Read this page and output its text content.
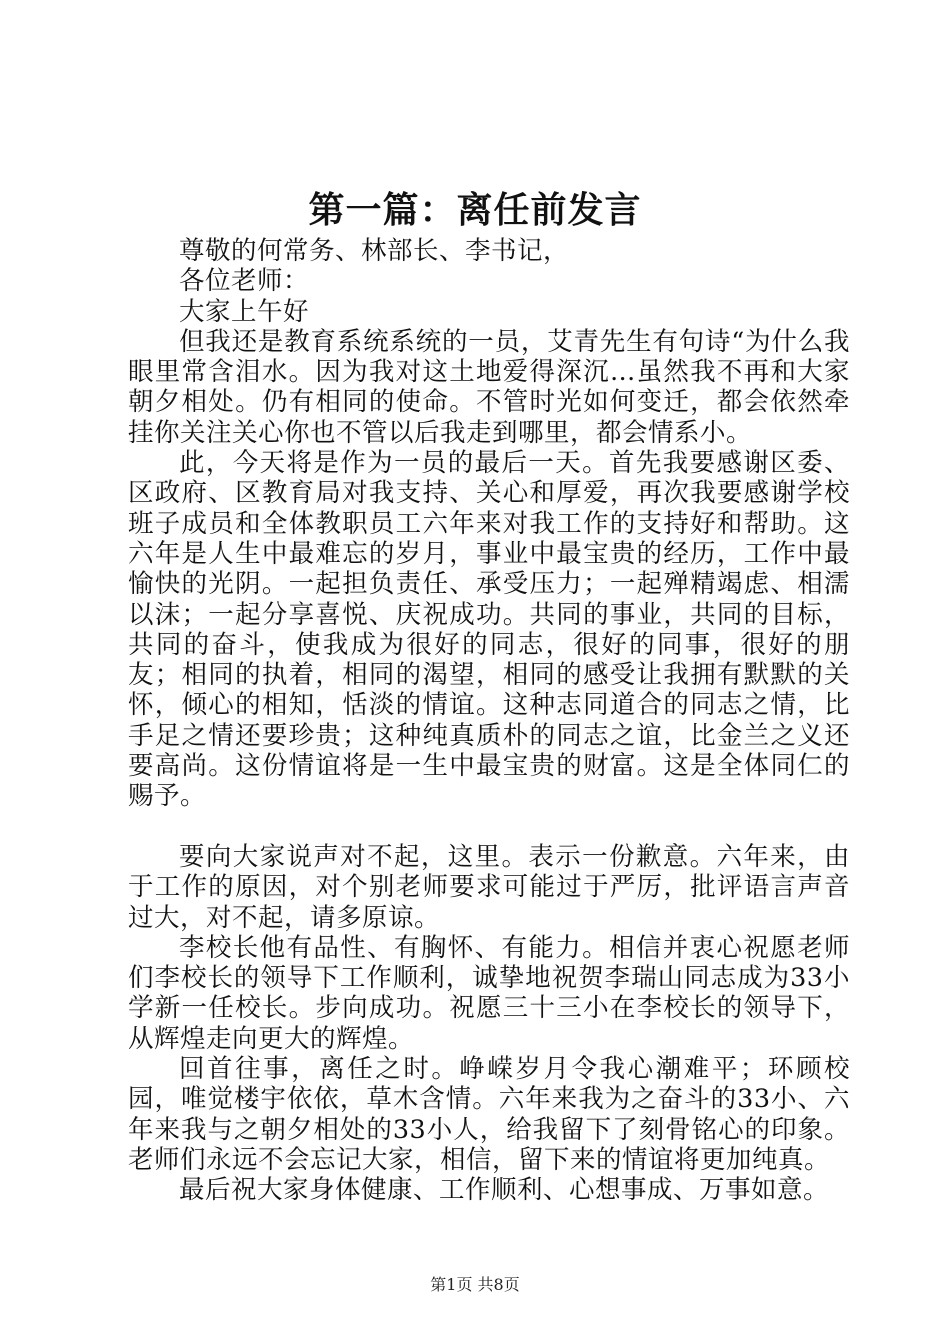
第一篇：离任前发言

尊敬的何常务、林部长、李书记，

各位老师：

大家上午好

但我还是教育系统系统的一员，艾青先生有句诗“为什么我眼里常含泪水。因为我对这土地爱得深沉…虽然我不再和大家朝夕相处。仍有相同的使命。不管时光如何变迁，都会依然牵挂你关注关心你也不管以后我走到哪里，都会情系小。

此，今天将是作为一员的最后一天。首先我要感谢区委、区政府、区教育局对我支持、关心和厚爱，再次我要感谢学校班子成员和全体教职员工六年来对我工作的支持好和帮助。这六年是人生中最难忘的岁月，事业中最宝贵的经历，工作中最愉快的光阴。一起担负责任、承受压力；一起殚精竭虑、相濡以沫；一起分享喜悦、庆祝成功。共同的事业，共同的目标，共同的奋斗，使我成为很好的同志，很好的同事，很好的朋友；相同的执着，相同的渴望，相同的感受让我拥有默默的关怀，倾心的相知，恬淡的情谊。这种志同道合的同志之情，比手足之情还要珍贵；这种纯真质朴的同志之谊，比金兰之义还要高尚。这份情谊将是一生中最宝贵的财富。这是全体同仁的赐予。

要向大家说声对不起，这里。表示一份歉意。六年来，由于工作的原因，对个别老师要求可能过于严厉，批评语言声音过大，对不起，请多原谅。

李校长他有品性、有胸怀、有能力。相信并衷心祝愿老师们李校长的领导下工作顺利，诚挚地祝贺李瑞山同志成为33小学新一任校长。步向成功。祝愿三十三小在李校长的领导下，从辉煌走向更大的辉煌。

回首往事，离任之时。峥嵘岁月令我心潮难平；环顾校园，唯觉楼宇依依，草木含情。六年来我为之奋斗的33小、六年来我与之朝夕相处的33小人，给我留下了刻骨铭心的印象。老师们永远不会忘记大家，相信，留下来的情谊将更加纯真。

最后祝大家身体健康、工作顺利、心想事成、万事如意。

第1页 共8页
